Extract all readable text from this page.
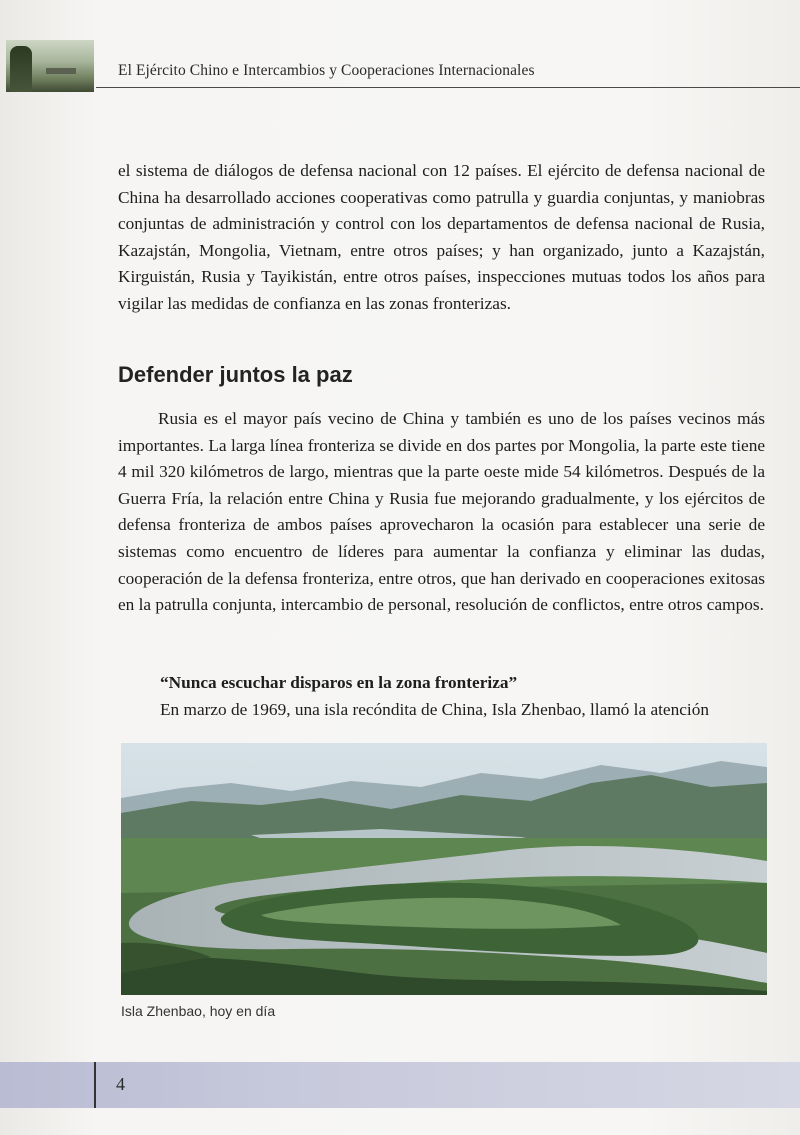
El Ejército Chino e Intercambios y Cooperaciones Internacionales
el sistema de diálogos de defensa nacional con 12 países. El ejército de defensa nacional de China ha desarrollado acciones cooperativas como patrulla y guardia conjuntas, y maniobras conjuntas de administración y control con los departamentos de defensa nacional de Rusia, Kazajstán, Mongolia, Vietnam, entre otros países; y han organizado, junto a Kazajstán, Kirguistán, Rusia y Tayikistán, entre otros países, inspecciones mutuas todos los años para vigilar las medidas de confianza en las zonas fronterizas.
Defender juntos la paz
Rusia es el mayor país vecino de China y también es uno de los países vecinos más importantes. La larga línea fronteriza se divide en dos partes por Mongolia, la parte este tiene 4 mil 320 kilómetros de largo, mientras que la parte oeste mide 54 kilómetros. Después de la Guerra Fría, la relación entre China y Rusia fue mejorando gradualmente, y los ejércitos de defensa fronteriza de ambos países aprovecharon la ocasión para establecer una serie de sistemas como encuentro de líderes para aumentar la confianza y eliminar las dudas, cooperación de la defensa fronteriza, entre otros, que han derivado en cooperaciones exitosas en la patrulla conjunta, intercambio de personal, resolución de conflictos, entre otros campos.
“Nunca escuchar disparos en la zona fronteriza”
En marzo de 1969, una isla recóndita de China, Isla Zhenbao, llamó la atención
Isla Zhenbao, hoy en día
4
